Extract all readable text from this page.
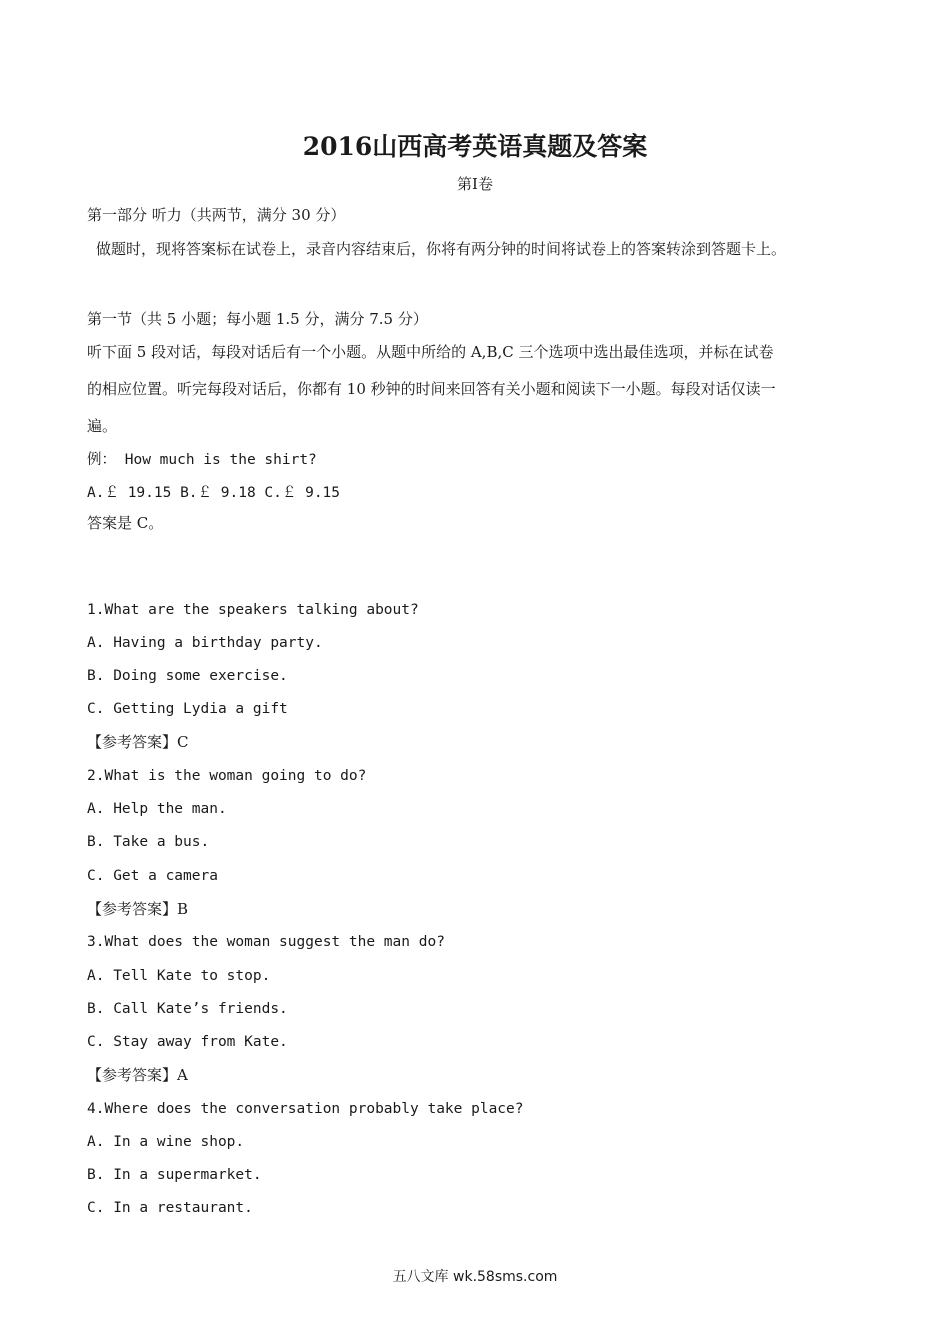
2016山西高考英语真题及答案
第Ⅰ卷
第一部分 听力（共两节，满分 30 分）
做题时，现将答案标在试卷上，录音内容结束后，你将有两分钟的时间将试卷上的答案转涂到答题卡上。
第一节（共 5 小题；每小题 1.5 分，满分 7.5 分）
听下面 5 段对话，每段对话后有一个小题。从题中所给的 A,B,C 三个选项中选出最佳选项，并标在试卷
的相应位置。听完每段对话后，你都有 10 秒钟的时间来回答有关小题和阅读下一小题。每段对话仅读一
遍。
例： How much is the shirt?
A.￡ 19.15 B.￡ 9.18 C.￡ 9.15
答案是 C。
1.What are the speakers talking about?
A. Having a birthday party.
B. Doing some exercise.
C. Getting Lydia a gift
【参考答案】C
2.What is the woman going to do?
A. Help the man.
B. Take a bus.
C. Get a camera
【参考答案】B
3.What does the woman suggest the man do?
A. Tell Kate to stop.
B. Call Kate’s friends.
C. Stay away from Kate.
【参考答案】A
4.Where does the conversation probably take place?
A. In a wine shop.
B. In a supermarket.
C. In a restaurant.
五八文库 wk.58sms.com
